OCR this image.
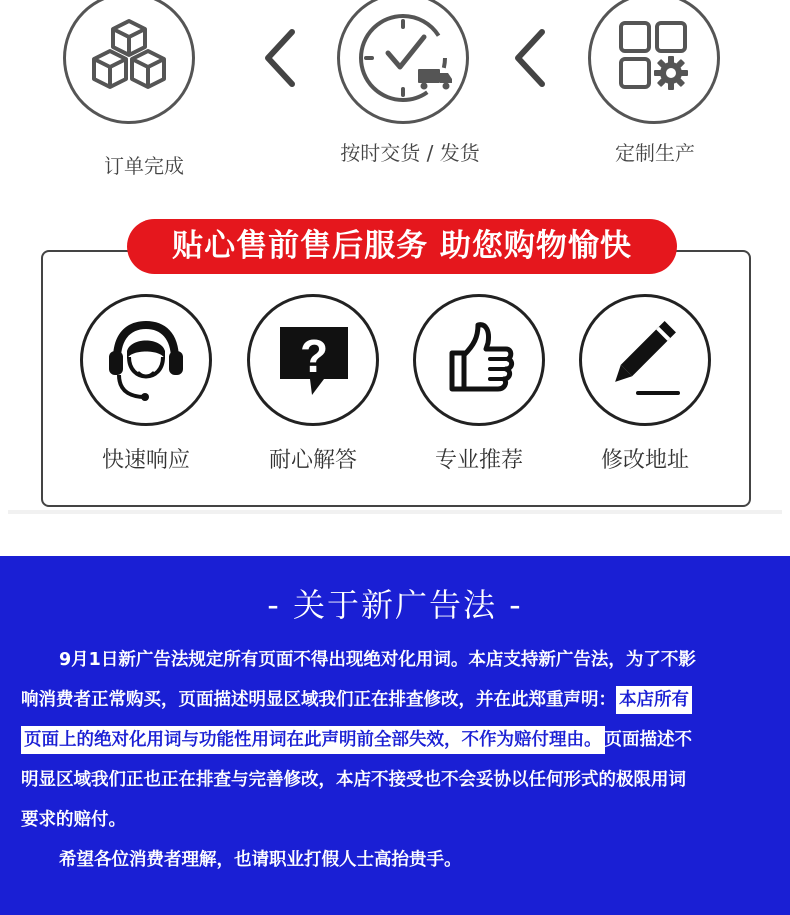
订单完成
按时交货 / 发货	定制生产
贴心售前售后服务 助您购物愉快
快速响应
?
耐心解答	专业推荐	修改地址
- 关于新广告法 -
9月1日新广告法规定所有页面不得出现绝对化用词。本店支持新广告法，为了不影
响消费者正常购买，页面描述明显区域我们正在排查修改，并在此郑重声明： 本店所有
页面上的绝对化用词与功能性用词在此声明前全部失效，不作为赔付理由。 页面描述不
明显区域我们正也正在排查与完善修改，本店不接受也不会妥协以任何形式的极限用词
要求的赔付。
希望各位消费者理解，也请职业打假人士高抬贵手。
